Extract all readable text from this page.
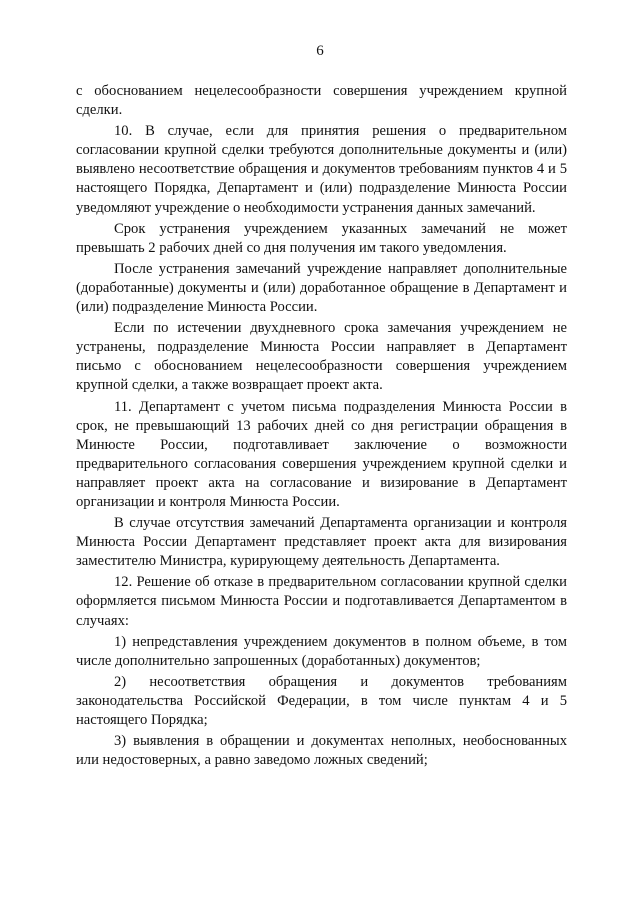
6

с обоснованием нецелесообразности совершения учреждением крупной сделки.

10. В случае, если для принятия решения о предварительном согласовании крупной сделки требуются дополнительные документы и (или) выявлено несоответствие обращения и документов требованиям пунктов 4 и 5 настоящего Порядка, Департамент и (или) подразделение Минюста России уведомляют учреждение о необходимости устранения данных замечаний.

Срок устранения учреждением указанных замечаний не может превышать 2 рабочих дней со дня получения им такого уведомления.

После устранения замечаний учреждение направляет дополнительные (доработанные) документы и (или) доработанное обращение в Департамент и (или) подразделение Минюста России.

Если по истечении двухдневного срока замечания учреждением не устранены, подразделение Минюста России направляет в Департамент письмо с обоснованием нецелесообразности совершения учреждением крупной сделки, а также возвращает проект акта.

11. Департамент с учетом письма подразделения Минюста России в срок, не превышающий 13 рабочих дней со дня регистрации обращения в Минюсте России, подготавливает заключение о возможности предварительного согласования совершения учреждением крупной сделки и направляет проект акта на согласование и визирование в Департамент организации и контроля Минюста России.

В случае отсутствия замечаний Департамента организации и контроля Минюста России Департамент представляет проект акта для визирования заместителю Министра, курирующему деятельность Департамента.

12. Решение об отказе в предварительном согласовании крупной сделки оформляется письмом Минюста России и подготавливается Департаментом в случаях:

1) непредставления учреждением документов в полном объеме, в том числе дополнительно запрошенных (доработанных) документов;

2) несоответствия обращения и документов требованиям законодательства Российской Федерации, в том числе пунктам 4 и 5 настоящего Порядка;

3) выявления в обращении и документах неполных, необоснованных или недостоверных, а равно заведомо ложных сведений;
